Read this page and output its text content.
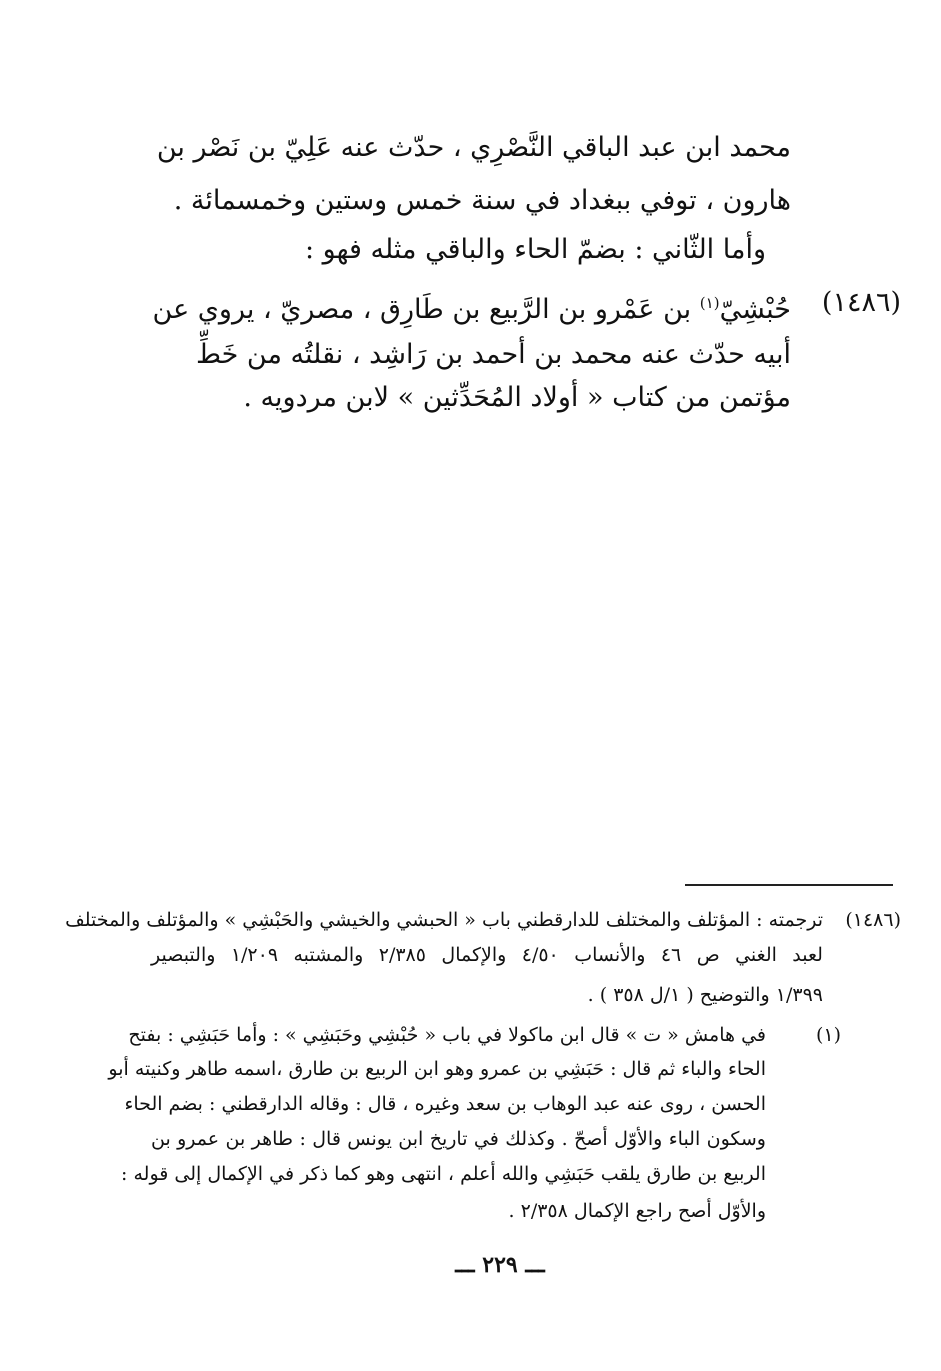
محمد ابن عبد الباقي النَّصْرِي ، حدّث عنه عَلِيّ بن نَصْر بن
هارون ، توفي ببغداد في سنة خمس وستين وخمسمائة .
وأما الثّاني : بضمّ الحاء والباقي مثله فهو :
(١٤٨٦)
حُبْشِيّ$^{(١)}$ بن عَمْرو بن الرَّبيع بن طَارِق ، مصريّ ، يروي عن
أبيه حدّث عنه محمد بن أحمد بن رَاشِد ، نقلتُه من خَطِّ
مؤتمن من كتاب « أولاد المُحَدِّثين » لابن مردويه .
(١٤٨٦)
ترجمته : المؤتلف والمختلف للدارقطني باب « الحبشي والخيشي والحَبْشِي » والمؤتلف والمختلف
لعبد الغني ص ٤٦ والأنساب ٤/٥٠ والإكمال ٢/٣٨٥ والمشتبه ١/٢٠٩ والتبصير
١/٣٩٩ والتوضيح ( ١/ل ٣٥٨ ) .
(١)
في هامش « ت » قال ابن ماكولا في باب « حُبْشِي وحَبَشِي » : وأما حَبَشِي : بفتح
الحاء والباء ثم قال : حَبَشِي بن عمرو وهو ابن الربيع بن طارق ،اسمه طاهر وكنيته أبو
الحسن ، روى عنه عبد الوهاب بن سعد وغيره ، قال : وقاله الدارقطني : بضم الحاء
وسكون الباء والأوّل أصحّ . وكذلك في تاريخ ابن يونس قال : طاهر بن عمرو بن
الربيع بن طارق يلقب حَبَشِي والله أعلم ، انتهى وهو كما ذكر في الإكمال إلى قوله :
والأوّل أصح راجع الإكمال ٢/٣٥٨ .
ـــ ٢٢٩ ـــ
